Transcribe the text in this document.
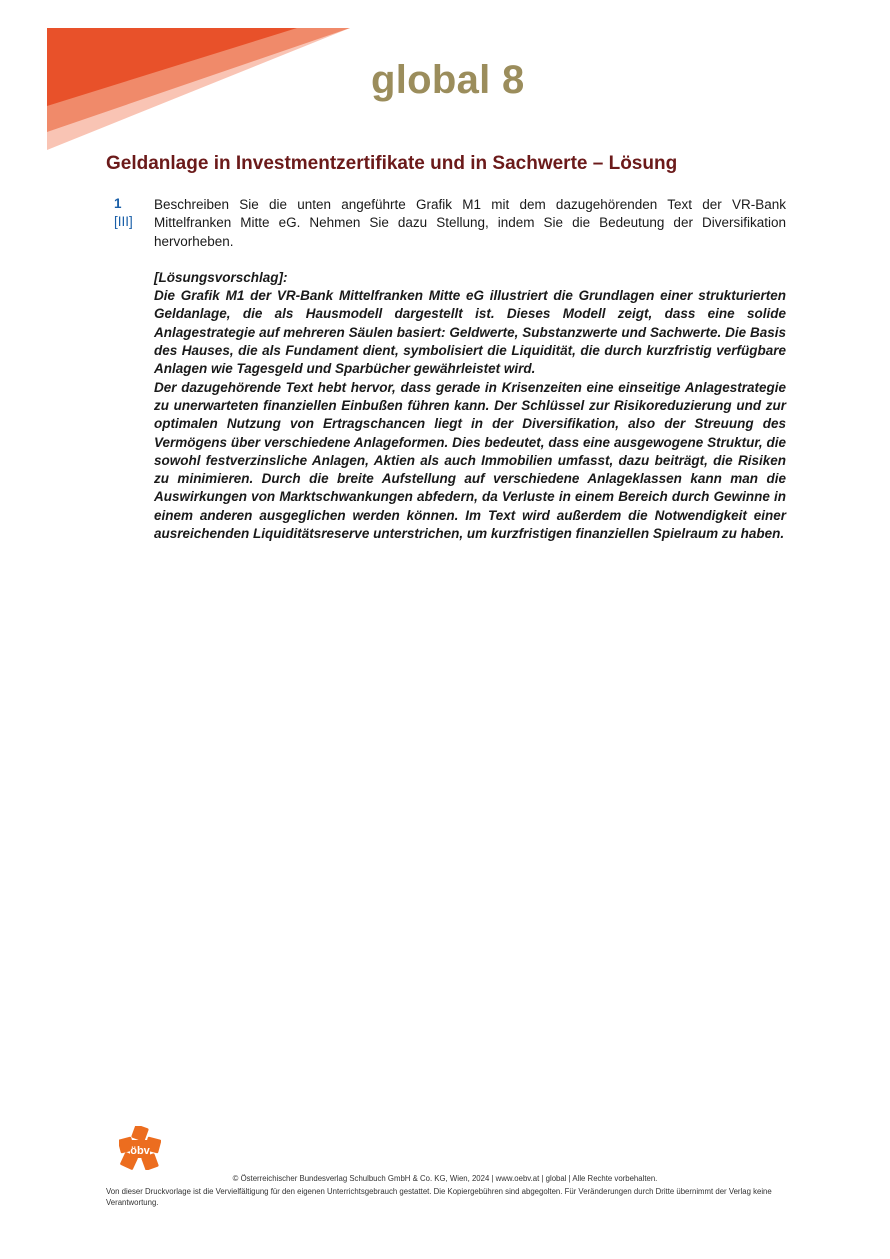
global 8
Geldanlage in Investmentzertifikate und in Sachwerte – Lösung
1
[III]

Beschreiben Sie die unten angeführte Grafik M1 mit dem dazugehörenden Text der VR-Bank Mittelfranken Mitte eG. Nehmen Sie dazu Stellung, indem Sie die Bedeutung der Diversifikation hervorheben.

[Lösungsvorschlag]:

Die Grafik M1 der VR-Bank Mittelfranken Mitte eG illustriert die Grundlagen einer strukturierten Geldanlage, die als Hausmodell dargestellt ist. Dieses Modell zeigt, dass eine solide Anlagestrategie auf mehreren Säulen basiert: Geldwerte, Substanzwerte und Sachwerte. Die Basis des Hauses, die als Fundament dient, symbolisiert die Liquidität, die durch kurzfristig verfügbare Anlagen wie Tagesgeld und Sparbücher gewährleistet wird.

Der dazugehörende Text hebt hervor, dass gerade in Krisenzeiten eine einseitige Anlagestrategie zu unerwarteten finanziellen Einbußen führen kann. Der Schlüssel zur Risikoreduzierung und zur optimalen Nutzung von Ertragschancen liegt in der Diversifikation, also der Streuung des Vermögens über verschiedene Anlageformen. Dies bedeutet, dass eine ausgewogene Struktur, die sowohl festverzinsliche Anlagen, Aktien als auch Immobilien umfasst, dazu beiträgt, die Risiken zu minimieren. Durch die breite Aufstellung auf verschiedene Anlageklassen kann man die Auswirkungen von Marktschwankungen abfedern, da Verluste in einem Bereich durch Gewinne in einem anderen ausgeglichen werden können. Im Text wird außerdem die Notwendigkeit einer ausreichenden Liquiditätsreserve unterstrichen, um kurzfristigen finanziellen Spielraum zu haben.

öbv
© Österreichischer Bundesverlag Schulbuch GmbH & Co. KG, Wien, 2024 | www.oebv.at | global | Alle Rechte vorbehalten.
Von dieser Druckvorlage ist die Vervielfältigung für den eigenen Unterrichtsgebrauch gestattet. Die Kopiergebühren sind abgegolten. Für Veränderungen durch Dritte übernimmt der Verlag keine Verantwortung.
